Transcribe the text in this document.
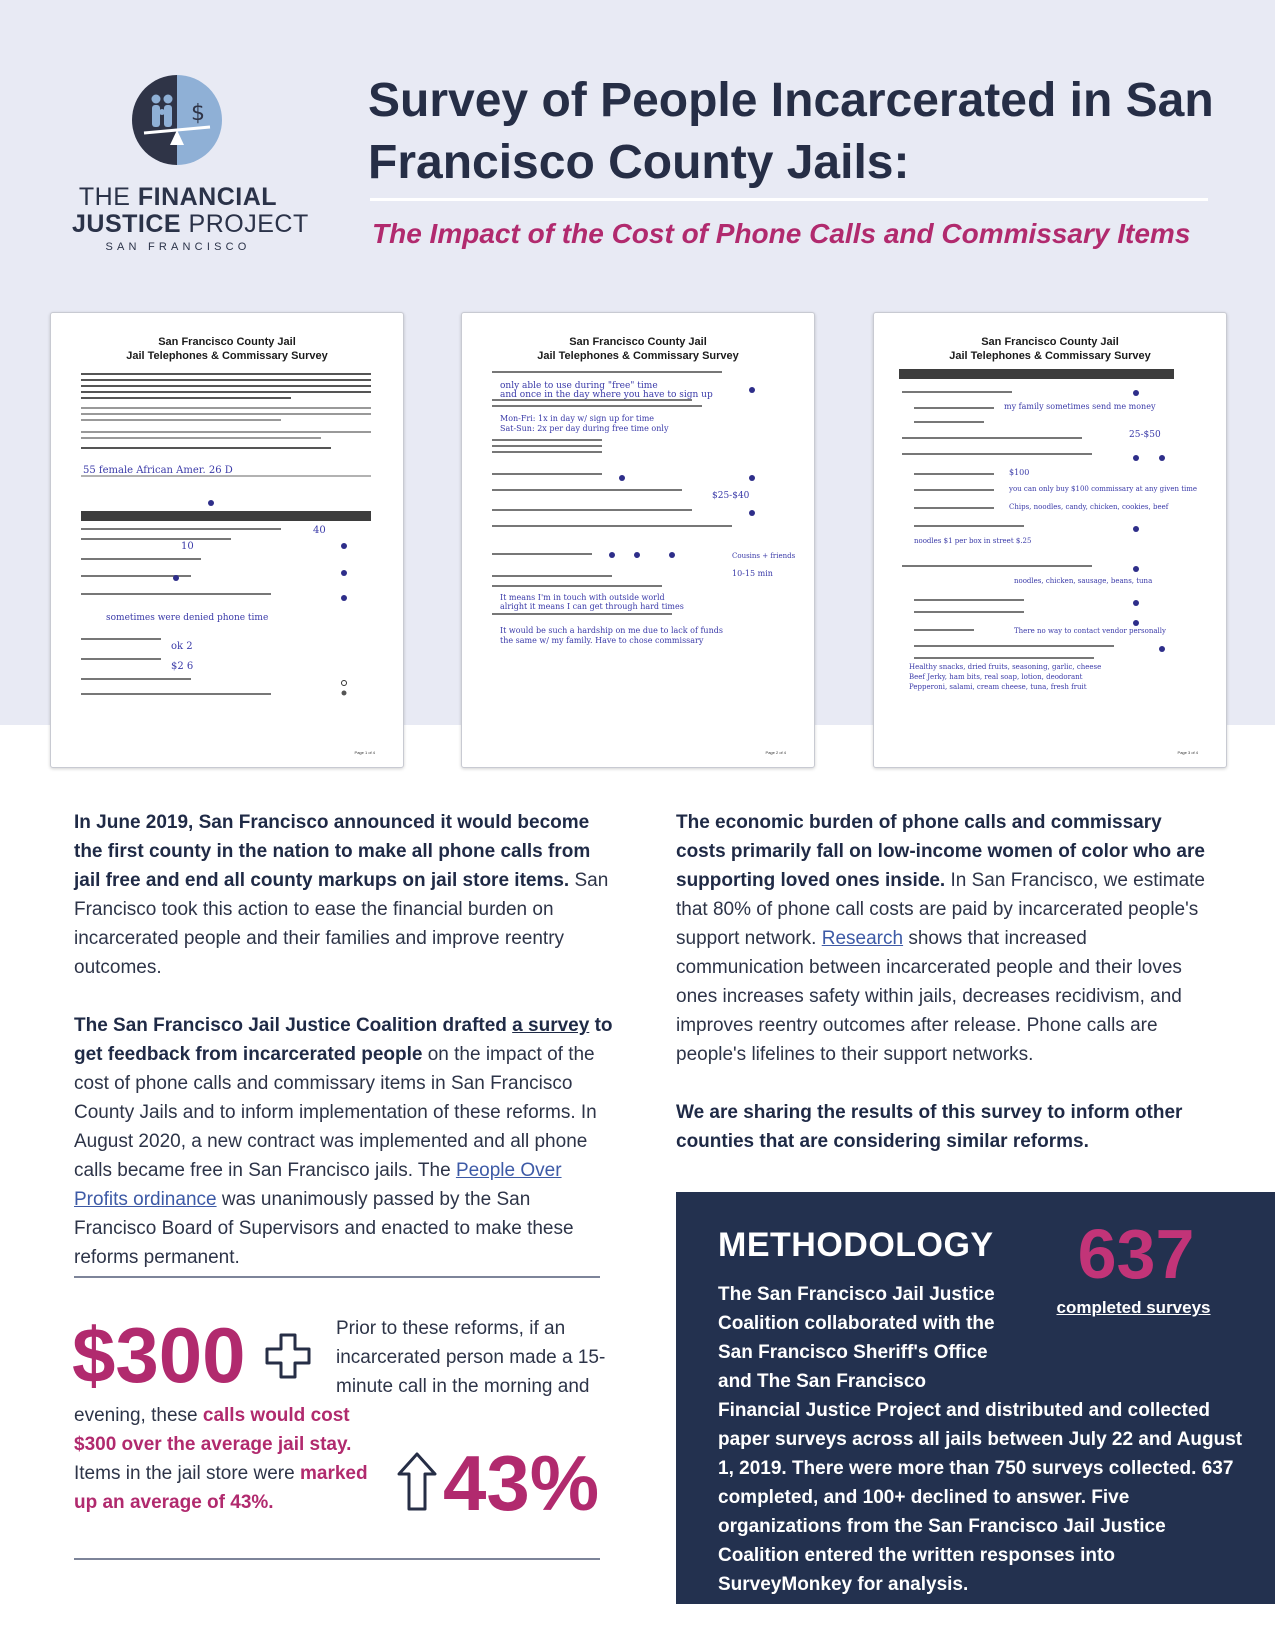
$
THE FINANCIAL
JUSTICE PROJECT
SAN FRANCISCO
Survey of People Incarcerated in San Francisco County Jails:
The Impact of the Cost of Phone Calls and Commissary Items
55 female African Amer. 26 D
sometimes were denied phone time
40
10
ok 2
$2 6
San Francisco County Jail
Jail Telephones & Commissary Survey
Page 1 of 4
only able to use during "free" time
and once in the day where you have to sign up
Mon-Fri: 1x in day w/ sign up for time
Sat-Sun: 2x per day during free time only
$25-$40
Cousins + friends
10-15 min
It means I'm in touch with outside world
alright it means I can get through hard times
It would be such a hardship on me due to lack of funds
the same w/ my family. Have to chose commissary
San Francisco County Jail
Jail Telephones & Commissary Survey
Page 2 of 4
my family sometimes send me money
25-$50
$100
you can only buy $100 commissary at any given time
Chips, noodles, candy, chicken, cookies, beef
noodles $1 per box in street $.25
noodles, chicken, sausage, beans, tuna
There no way to contact vendor personally
Healthy snacks, dried fruits, seasoning, garlic, cheese
Beef Jerky, ham bits, real soap, lotion, deodorant
Pepperoni, salami, cream cheese, tuna, fresh fruit
San Francisco County Jail
Jail Telephones & Commissary Survey
Page 3 of 4

In June 2019, San Francisco announced it would become the first county in the nation to make all phone calls from jail free and end all county markups on jail store items. San Francisco took this action to ease the financial burden on incarcerated people and their families and improve reentry outcomes.

The San Francisco Jail Justice Coalition drafted a survey to get feedback from incarcerated people on the impact of the cost of phone calls and commissary items in San Francisco County Jails and to inform implementation of these reforms. In August 2020, a new contract was implemented and all phone calls became free in San Francisco jails. The People Over Profits ordinance was unanimously passed by the San Francisco Board of Supervisors and enacted to make these reforms permanent.

The economic burden of phone calls and commissary costs primarily fall on low-income women of color who are supporting loved ones inside. In San Francisco, we estimate that 80% of phone call costs are paid by incarcerated people's support network. Research shows that increased communication between incarcerated people and their loves ones increases safety within jails, decreases recidivism, and improves reentry outcomes after release. Phone calls are people's lifelines to their support networks.

We are sharing the results of this survey to inform other counties that are considering similar reforms.

$300	Prior to these reforms, if an incarcerated person made a 15-minute call in the morning and evening, these calls would cost $300 over the average jail stay. Items in the jail store were marked up an average of 43%.	43%
METHODOLOGY	637
completed surveys
The San Francisco Jail Justice Coalition collaborated with the San Francisco Sheriff's Office and The San Francisco Financial Justice Project and distributed and collected paper surveys across all jails between July 22 and August 1, 2019. There were more than 750 surveys collected. 637 completed, and 100+ declined to answer. Five organizations from the San Francisco Jail Justice Coalition entered the written responses into SurveyMonkey for analysis.
